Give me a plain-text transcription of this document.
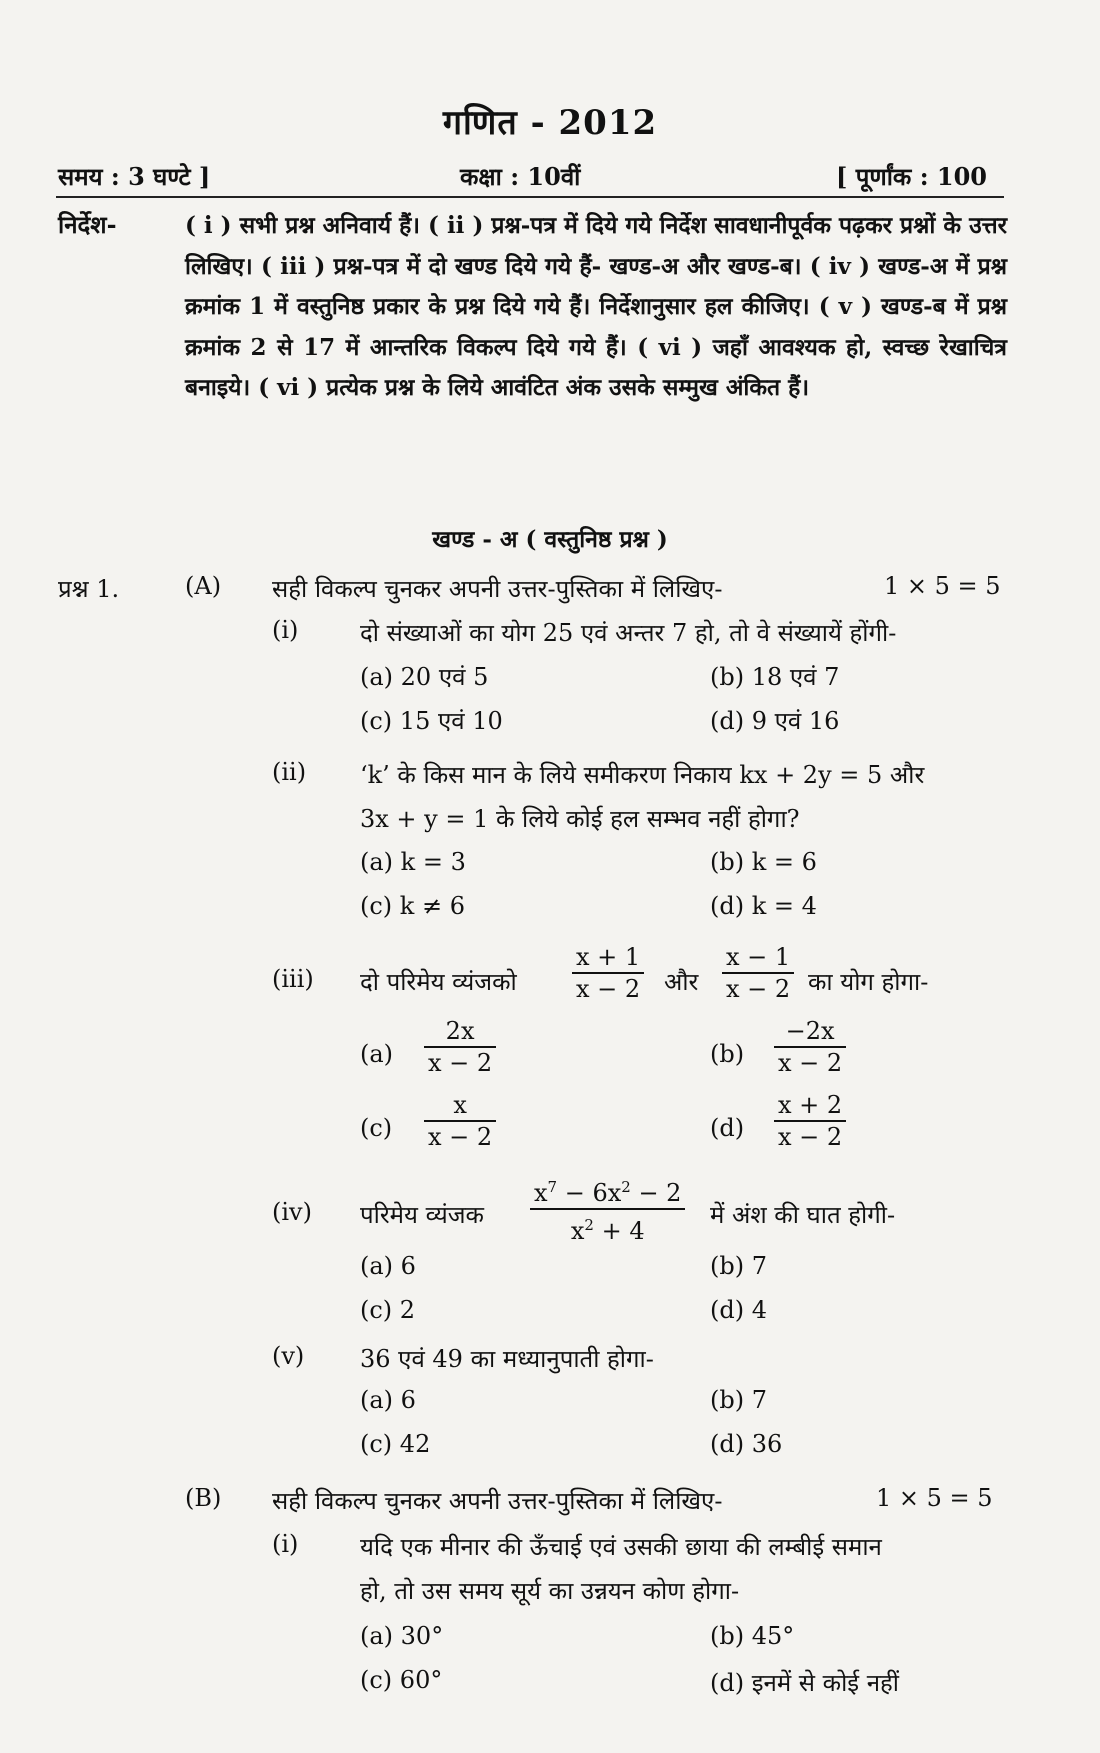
गणित - 2012
समय : 3 घण्टे ]	कक्षा : 10वीं	[ पूर्णांक : 100
निर्देश-	( i ) सभी प्रश्न अनिवार्य हैं। ( ii ) प्रश्न-पत्र में दिये गये निर्देश सावधानीपूर्वक पढ़कर प्रश्नों के उत्तर लिखिए। ( iii ) प्रश्न-पत्र में दो खण्ड दिये गये हैं- खण्ड-अ और खण्ड-ब। ( iv ) खण्ड-अ में प्रश्न क्रमांक 1 में वस्तुनिष्ठ प्रकार के प्रश्न दिये गये हैं। निर्देशानुसार हल कीजिए। ( v ) खण्ड-ब में प्रश्न क्रमांक 2 से 17 में आन्तरिक विकल्प दिये गये हैं। ( vi ) जहाँ आवश्यक हो, स्वच्छ रेखाचित्र बनाइये। ( vi ) प्रत्येक प्रश्न के लिये आवंटित अंक उसके सम्मुख अंकित हैं।
खण्ड - अ ( वस्तुनिष्ठ प्रश्न )
प्रश्न 1.	(A) सही विकल्प चुनकर अपनी उत्तर-पुस्तिका में लिखिए-	1 × 5 = 5
(i)	दो संख्याओं का योग 25 एवं अन्तर 7 हो, तो वे संख्यायें होंगी-
(a) 20 एवं 5	(b) 18 एवं 7
(c) 15 एवं 10	(d) 9 एवं 16
(ii) ‘k’ के किस मान के लिये समीकरण निकाय kx + 2y = 5 और
3x + y = 1 के लिये कोई हल सम्भव नहीं होगा?
(a) k = 3	(b) k = 6
(c) k ≠ 6	(d) k = 4
(iii) दो परिमेय व्यंजको $\frac{x + 1}{x - 2}$ और $\frac{x - 1}{x - 2}$ का योग होगा-
$(a) \frac{2x}{x - 2}$	$(b) \frac{-2x}{x - 2}$
$(c) \frac{x}{x - 2}$	$(d) \frac{x + 2}{x - 2}$
(iv) परिमेय व्यंजक $\frac{x^7 - 6x^2 - 2}{x^2 + 4}$ में अंश की घात होगी-
(a) 6	(b) 7
(c) 2	(d) 4
(v) 36 एवं 49 का मध्यानुपाती होगा-
(a) 6	(b) 7
(c) 42	(d) 36
(B) सही विकल्प चुनकर अपनी उत्तर-पुस्तिका में लिखिए-	1 × 5 = 5
(i)	यदि एक मीनार की ऊँचाई एवं उसकी छाया की लम्बीई समान
हो, तो उस समय सूर्य का उन्नयन कोण होगा-
(a) 30°	(b) 45°
(c) 60°	(d) इनमें से कोई नहीं
